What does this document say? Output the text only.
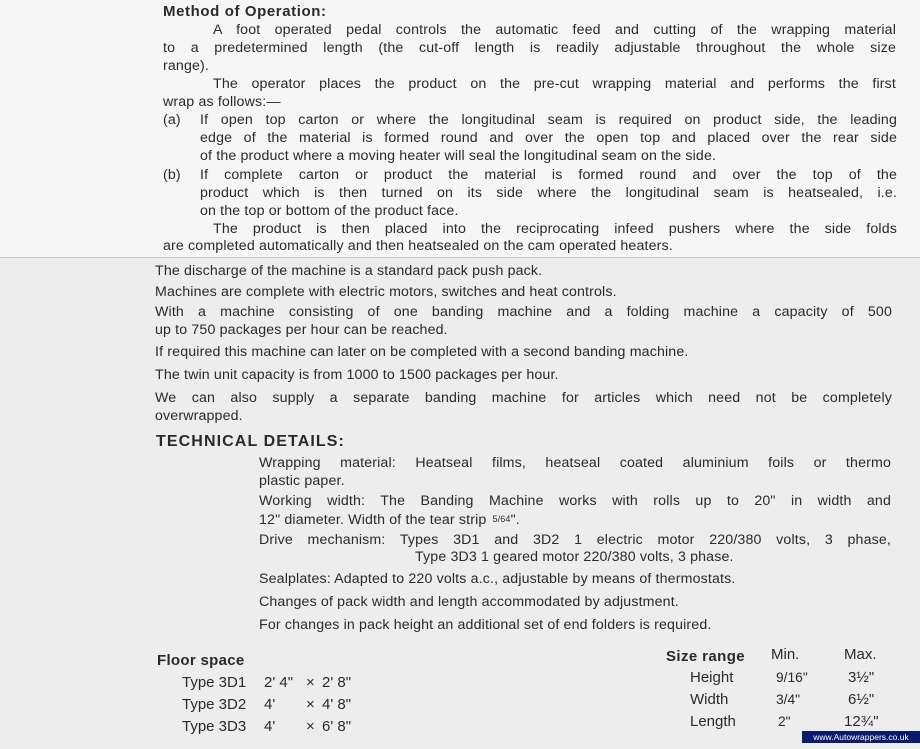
Method of Operation:
A foot operated pedal controls the automatic feed and cutting of the wrapping material
to a predetermined length (the cut-off length is readily adjustable throughout the whole size
range).
The operator places the product on the pre-cut wrapping material and performs the first
wrap as follows:—
(a) If open top carton or where the longitudinal seam is required on product side, the leading
edge of the material is formed round and over the open top and placed over the rear side
of the product where a moving heater will seal the longitudinal seam on the side.
(b) If complete carton or product the material is formed round and over the top of the
product which is then turned on its side where the longitudinal seam is heatsealed, i.e.
on the top or bottom of the product face.
The product is then placed into the reciprocating infeed pushers where the side folds
are completed automatically and then heatsealed on the cam operated heaters.
The discharge of the machine is a standard pack push pack.
Machines are complete with electric motors, switches and heat controls.
With a machine consisting of one banding machine and a folding machine a capacity of 500
up to 750 packages per hour can be reached.
If required this machine can later on be completed with a second banding machine.
The twin unit capacity is from 1000 to 1500 packages per hour.
We can also supply a separate banding machine for articles which need not be completely
overwrapped.
TECHNICAL DETAILS:
Wrapping material: Heatseal films, heatseal coated aluminium foils or thermo
plastic paper.
Working width: The Banding Machine works with rolls up to 20" in width and
12" diameter. Width of the tear strip 5/64".
Drive mechanism: Types 3D1 and 3D2 1 electric motor 220/380 volts, 3 phase,
Type 3D3 1 geared motor 220/380 volts, 3 phase.
Sealplates: Adapted to 220 volts a.c., adjustable by means of thermostats.
Changes of pack width and length accommodated by adjustment.
For changes in pack height an additional set of end folders is required.
Floor space
Type 3D1 2' 4" × 2' 8"
Type 3D2 4' × 4' 8"
Type 3D3 4' × 6' 8"
Size range Min.	Max.
Height	9/16"	3½"
Width	3/4"	6½"
Length	2"	12¾"
www.Autowrappers.co.uk
